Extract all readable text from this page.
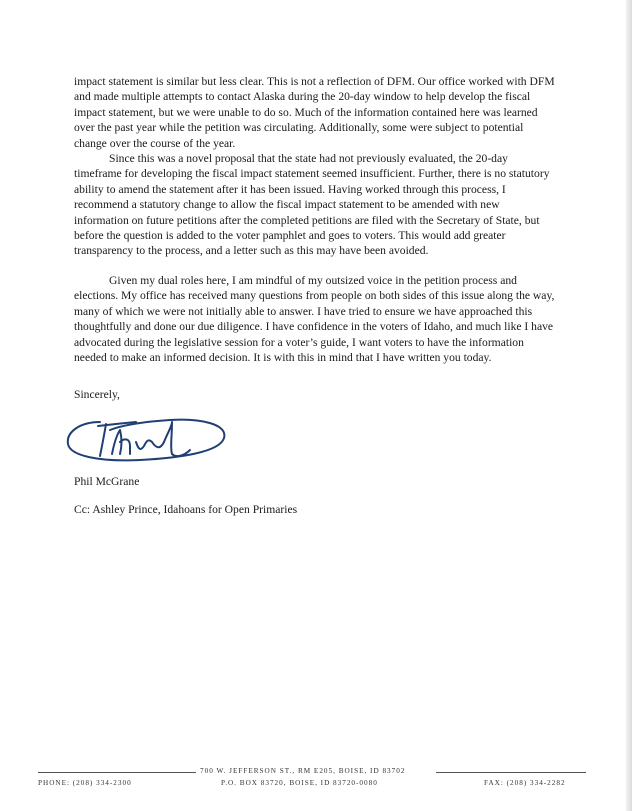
impact statement is similar but less clear. This is not a reflection of DFM. Our office worked with DFM and made multiple attempts to contact Alaska during the 20-day window to help develop the fiscal impact statement, but we were unable to do so. Much of the information contained here was learned over the past year while the petition was circulating. Additionally, some were subject to potential change over the course of the year.

Since this was a novel proposal that the state had not previously evaluated, the 20-day timeframe for developing the fiscal impact statement seemed insufficient. Further, there is no statutory ability to amend the statement after it has been issued. Having worked through this process, I recommend a statutory change to allow the fiscal impact statement to be amended with new information on future petitions after the completed petitions are filed with the Secretary of State, but before the question is added to the voter pamphlet and goes to voters. This would add greater transparency to the process, and a letter such as this may have been avoided.

Given my dual roles here, I am mindful of my outsized voice in the petition process and elections. My office has received many questions from people on both sides of this issue along the way, many of which we were not initially able to answer. I have tried to ensure we have approached this thoughtfully and done our due diligence. I have confidence in the voters of Idaho, and much like I have advocated during the legislative session for a voter’s guide, I want voters to have the information needed to make an informed decision. It is with this in mind that I have written you today.

Sincerely,
Phil McGrane
Cc: Ashley Prince, Idahoans for Open Primaries
700 W. JEFFERSON ST., RM E205, BOISE, ID 83702
P.O. BOX 83720, BOISE, ID 83720-0080
PHONE: (208) 334-2300	FAX: (208) 334-2282
